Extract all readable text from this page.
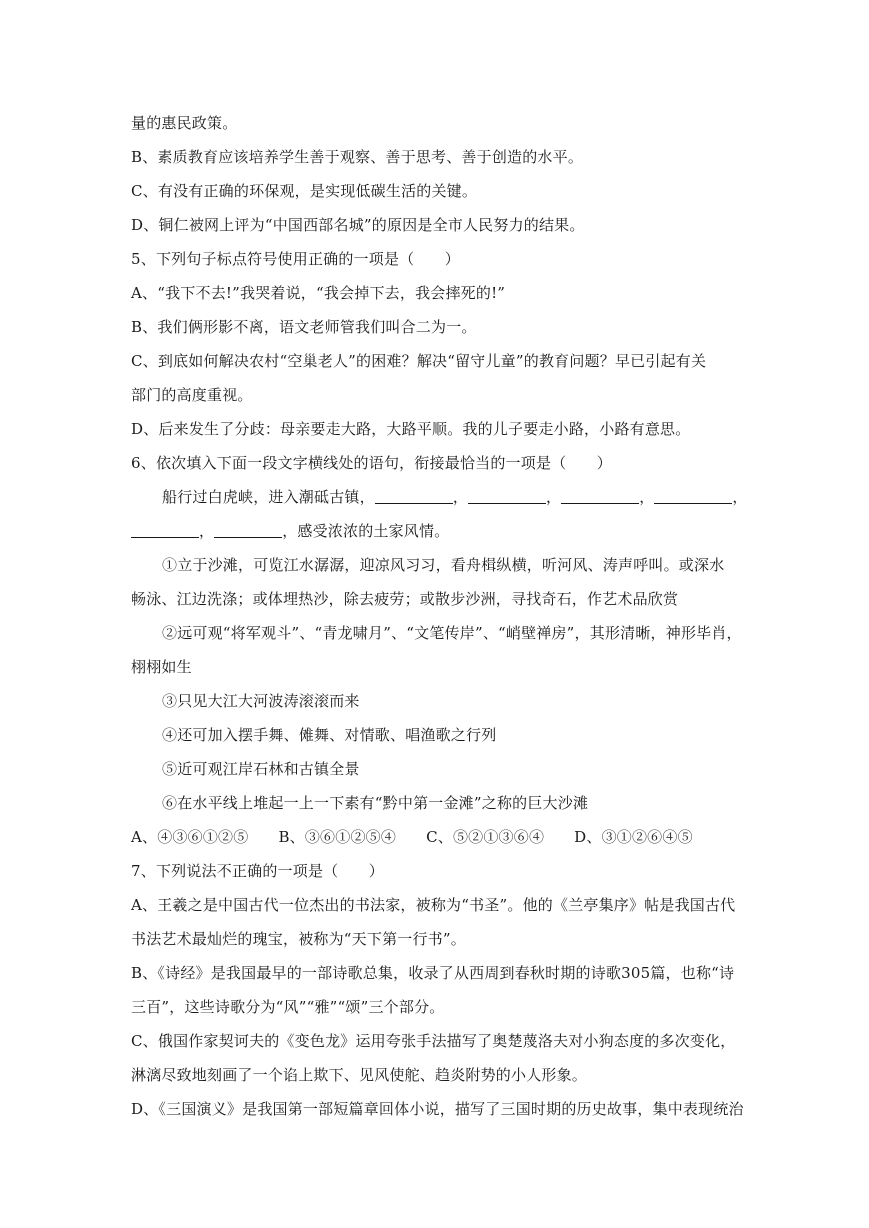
量的惠民政策。
B、素质教育应该培养学生善于观察、善于思考、善于创造的水平。
C、有没有正确的环保观，是实现低碳生活的关键。
D、铜仁被网上评为“中国西部名城”的原因是全市人民努力的结果。
5、下列句子标点符号使用正确的一项是（　　）
A、“我下不去!”我哭着说，“我会掉下去，我会摔死的!”
B、我们俩形影不离，语文老师管我们叫合二为一。
C、到底如何解决农村“空巢老人”的困难？解决“留守儿童”的教育问题？早已引起有关
部门的高度重视。
D、后来发生了分歧：母亲要走大路，大路平顺。我的儿子要走小路，小路有意思。
6、依次填入下面一段文字横线处的语句，衔接最恰当的一项是（　　）
船行过白虎峡，进入潮砥古镇，	，	，	，	，
，	，感受浓浓的土家风情。
①立于沙滩，可览江水潺潺，迎凉风习习，看舟楫纵横，听河风、涛声呼叫。或深水
畅泳、江边洗涤；或体埋热沙，除去疲劳；或散步沙洲，寻找奇石，作艺术品欣赏
②远可观“将军观斗”、“青龙啸月”、“文笔传岸”、“峭壁禅房”，其形清晰，神形毕肖，
栩栩如生
③只见大江大河波涛滚滚而来
④还可加入摆手舞、傩舞、对情歌、唱渔歌之行列
⑤近可观江岸石林和古镇全景
⑥在水平线上堆起一上一下素有“黔中第一金滩”之称的巨大沙滩
A、④③⑥①②⑤ B、③⑥①②⑤④ C、⑤②①③⑥④ D、③①②⑥④⑤
7、下列说法不正确的一项是（　　）
A、王羲之是中国古代一位杰出的书法家，被称为“书圣”。他的《兰亭集序》帖是我国古代
书法艺术最灿烂的瑰宝，被称为“天下第一行书”。
B、《诗经》是我国最早的一部诗歌总集，收录了从西周到春秋时期的诗歌305篇，也称“诗
三百”，这些诗歌分为“风”“雅”“颂”三个部分。
C、俄国作家契诃夫的《变色龙》运用夸张手法描写了奥楚蔑洛夫对小狗态度的多次变化，
淋漓尽致地刻画了一个谄上欺下、见风使舵、趋炎附势的小人形象。
D、《三国演义》是我国第一部短篇章回体小说，描写了三国时期的历史故事，集中表现统治
